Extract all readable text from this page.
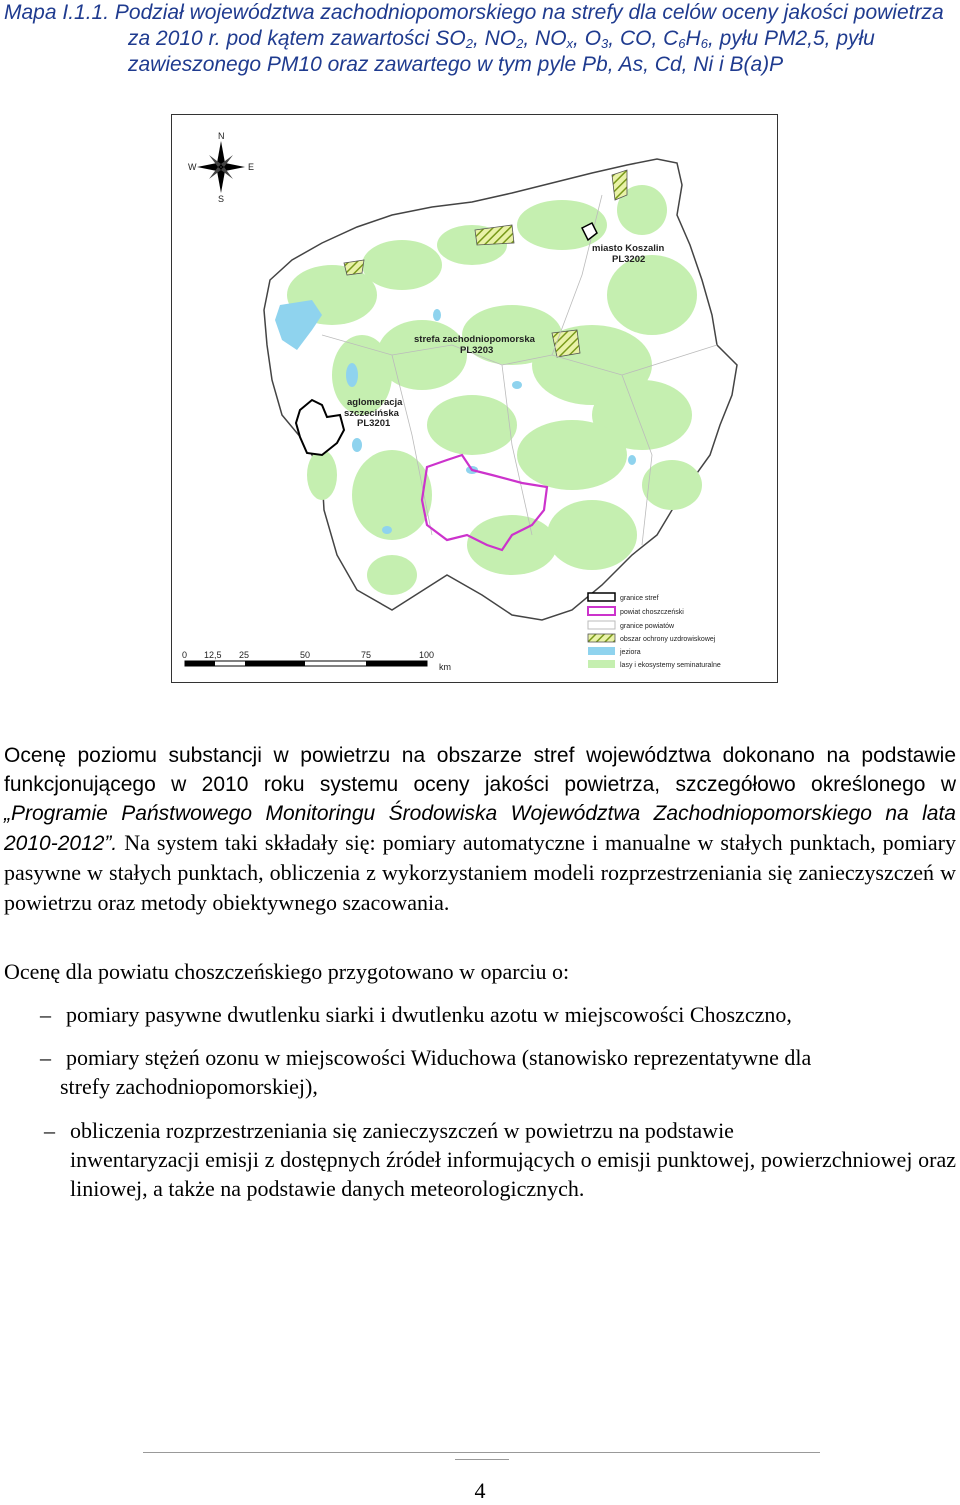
Mapa I.1.1. Podział województwa zachodniopomorskiego na strefy dla celów oceny jakości powietrza
za 2010 r. pod kątem zawartości $SO_2$, $NO_2$, $NO_x$, $O_3$, CO, $C_6H_6$, pyłu PM2,5, pyłu
zawieszonego PM10 oraz zawartego w tym pyle Pb, As, Cd, Ni i B(a)P
miasto Koszalin
PL3202
strefa zachodniopomorska
PL3203
aglomeracja
szczecińska
PL3201
N
S
W	E
0 12,5 25	50	75	100
km
granice stref
powiat choszczeński
granice powiatów
obszar ochrony uzdrowiskowej
jeziora
lasy i ekosystemy seminaturalne
Ocenę poziomu substancji w powietrzu na obszarze stref województwa dokonano na podstawie funkcjonującego w 2010 roku systemu oceny jakości powietrza, szczegółowo określonego w „Programie Państwowego Monitoringu Środowiska Województwa Zachodniopomorskiego na lata 2010-2012”. Na system taki składały się: pomiary automatyczne i manualne w stałych punktach, pomiary pasywne w stałych punktach, obliczenia z wykorzystaniem modeli rozprzestrzeniania się zanieczyszczeń w powietrzu oraz metody obiektywnego szacowania.
Ocenę dla powiatu choszczeńskiego przygotowano w oparciu o:
– pomiary pasywne dwutlenku siarki i dwutlenku azotu w miejscowości Choszczno,
– pomiary stężeń ozonu w miejscowości Widuchowa (stanowisko reprezentatywne dla
strefy zachodniopomorskiej),
– obliczenia rozprzestrzeniania się zanieczyszczeń w powietrzu na podstawie
inwentaryzacji emisji z dostępnych źródeł informujących o emisji punktowej, powierzchniowej oraz liniowej, a także na podstawie danych meteorologicznych.
4
